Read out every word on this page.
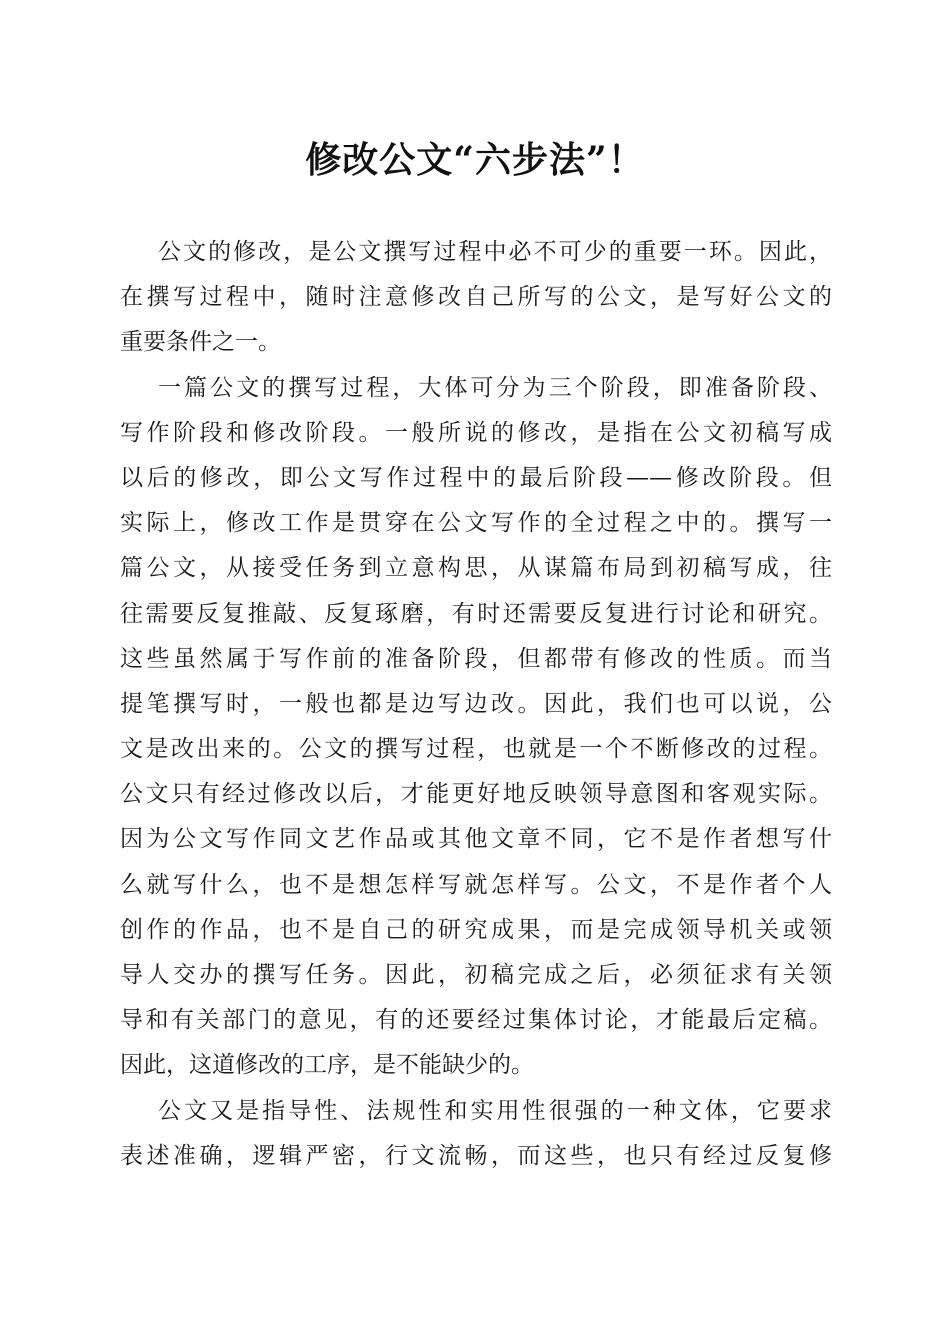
修改公文“六步法”！
公文的修改，是公文撰写过程中必不可少的重要一环。因此，
在撰写过程中，随时注意修改自己所写的公文，是写好公文的
重要条件之一。
一篇公文的撰写过程，大体可分为三个阶段，即准备阶段、
写作阶段和修改阶段。一般所说的修改，是指在公文初稿写成
以后的修改，即公文写作过程中的最后阶段——修改阶段。但
实际上，修改工作是贯穿在公文写作的全过程之中的。撰写一
篇公文，从接受任务到立意构思，从谋篇布局到初稿写成，往
往需要反复推敲、反复琢磨，有时还需要反复进行讨论和研究。
这些虽然属于写作前的准备阶段，但都带有修改的性质。而当
提笔撰写时，一般也都是边写边改。因此，我们也可以说，公
文是改出来的。公文的撰写过程，也就是一个不断修改的过程。
公文只有经过修改以后，才能更好地反映领导意图和客观实际。
因为公文写作同文艺作品或其他文章不同，它不是作者想写什
么就写什么，也不是想怎样写就怎样写。公文，不是作者个人
创作的作品，也不是自己的研究成果，而是完成领导机关或领
导人交办的撰写任务。因此，初稿完成之后，必须征求有关领
导和有关部门的意见，有的还要经过集体讨论，才能最后定稿。
因此，这道修改的工序，是不能缺少的。
公文又是指导性、法规性和实用性很强的一种文体，它要求
表述准确，逻辑严密，行文流畅，而这些，也只有经过反复修
